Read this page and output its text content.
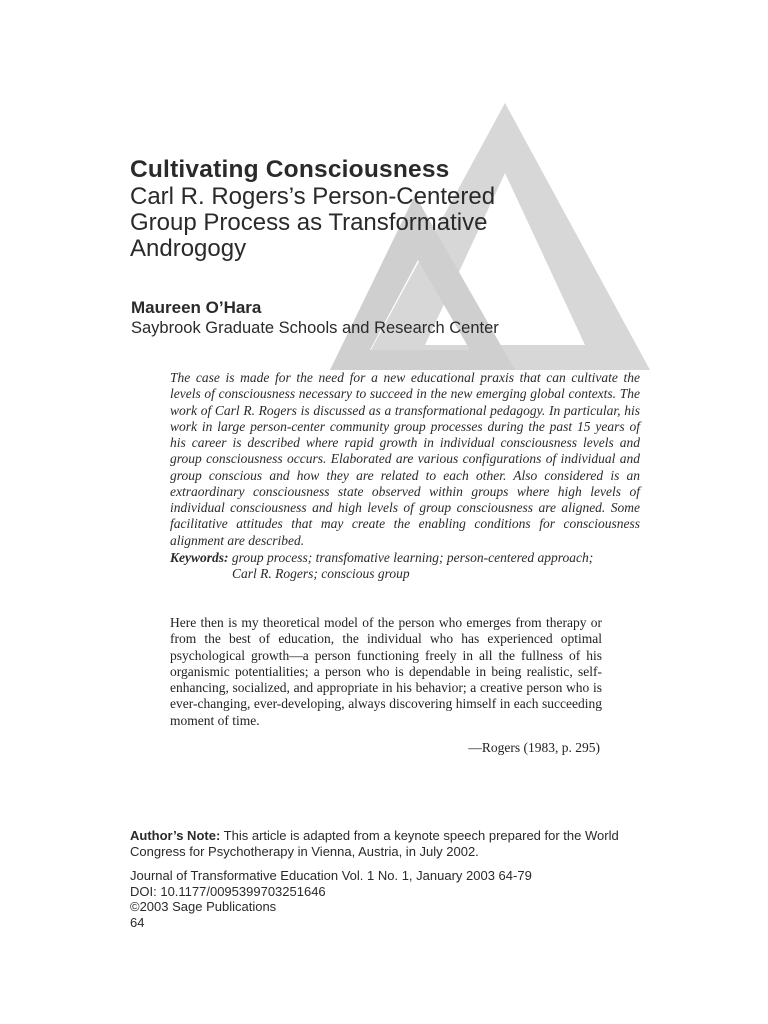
Cultivating Consciousness
Carl R. Rogers’s Person-Centered
Group Process as Transformative
Androgogy
Maureen O’Hara
Saybrook Graduate Schools and Research Center
The case is made for the need for a new educational praxis that can cultivate the levels of consciousness necessary to succeed in the new emerging global contexts. The work of Carl R. Rogers is discussed as a transformational pedagogy. In particular, his work in large person-center community group processes during the past 15 years of his career is described where rapid growth in individual consciousness levels and group consciousness occurs. Elaborated are various configurations of individual and group conscious and how they are related to each other. Also considered is an extraordinary consciousness state observed within groups where high levels of individual consciousness and high levels of group consciousness are aligned. Some facilitative attitudes that may create the enabling conditions for consciousness alignment are described.
Keywords: group process; transfomative learning; person-centered approach;
Carl R. Rogers; conscious group
Here then is my theoretical model of the person who emerges from therapy or from the best of education, the individual who has experienced optimal psychological growth—a person functioning freely in all the fullness of his organismic potentialities; a person who is dependable in being realistic, self-enhancing, socialized, and appropriate in his behavior; a creative person who is ever-changing, ever-developing, always discovering himself in each succeeding moment of time.
—Rogers (1983, p. 295)
Author’s Note: This article is adapted from a keynote speech prepared for the World Congress for Psychotherapy in Vienna, Austria, in July 2002.
Journal of Transformative Education Vol. 1 No. 1, January 2003 64-79
DOI: 10.1177/0095399703251646
©2003 Sage Publications
64
